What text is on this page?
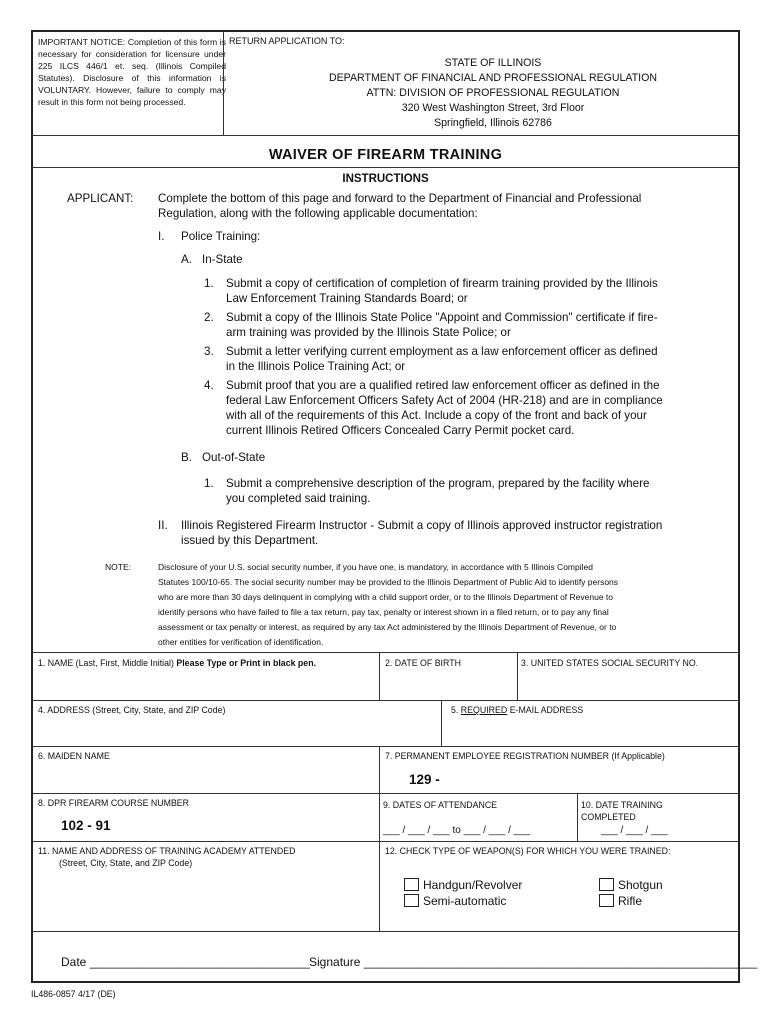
IMPORTANT NOTICE: Completion of this form is necessary for consideration for licensure under 225 ILCS 446/1 et. seq. (Illinois Compiled Statutes). Disclosure of this information is VOLUNTARY. However, failure to comply may result in this form not being processed.
RETURN APPLICATION TO:
STATE OF ILLINOIS
DEPARTMENT OF FINANCIAL AND PROFESSIONAL REGULATION
ATTN: DIVISION OF PROFESSIONAL REGULATION
320 West Washington Street, 3rd Floor
Springfield, Illinois 62786
WAIVER OF FIREARM TRAINING
INSTRUCTIONS
APPLICANT: Complete the bottom of this page and forward to the Department of Financial and Professional
Regulation, along with the following applicable documentation:
I. Police Training:
A. In-State
1. Submit a copy of certification of completion of firearm training provided by the Illinois
Law Enforcement Training Standards Board; or
2. Submit a copy of the Illinois State Police "Appoint and Commission" certificate if fire-
arm training was provided by the Illinois State Police; or
3. Submit a letter verifying current employment as a law enforcement officer as defined
in the Illinois Police Training Act; or
4. Submit proof that you are a qualified retired law enforcement officer as defined in the
federal Law Enforcement Officers Safety Act of 2004 (HR-218) and are in compliance
with all of the requirements of this Act. Include a copy of the front and back of your
current Illinois Retired Officers Concealed Carry Permit pocket card.
B. Out-of-State
1. Submit a comprehensive description of the program, prepared by the facility where
you completed said training.
II. Illinois Registered Firearm Instructor - Submit a copy of Illinois approved instructor registration
issued by this Department.
NOTE:	Disclosure of your U.S. social security number, if you have one, is mandatory, in accordance with 5 Illinois Compiled
Statutes 100/10-65. The social security number may be provided to the Illinois Department of Public Aid to identify persons
who are more than 30 days delinquent in complying with a child support order, or to the Illinois Department of Revenue to
identify persons who have failed to file a tax return, pay tax, penalty or interest shown in a filed return, or to pay any final
assessment or tax penalty or interest, as required by any tax Act administered by the Illinois Department of Revenue, or to
other entities for verification of identification.
1. NAME (Last, First, Middle Initial) Please Type or Print in black pen.	2. DATE OF BIRTH	3. UNITED STATES SOCIAL SECURITY NO.
4. ADDRESS (Street, City, State, and ZIP Code)	5. REQUIRED E-MAIL ADDRESS
6. MAIDEN NAME	7. PERMANENT EMPLOYEE REGISTRATION NUMBER (If Applicable)
129 -
8. DPR FIREARM COURSE NUMBER
102 - 91
9. DATES OF ATTENDANCE
___ / ___ / ___ to ___ / ___ / ___
10. DATE TRAINING
COMPLETED
___ / ___ / ___
11. NAME AND ADDRESS OF TRAINING ACADEMY ATTENDED
(Street, City, State, and ZIP Code)
12. CHECK TYPE OF WEAPON(S) FOR WHICH YOU WERE TRAINED:
Handgun/Revolver
Semi-automatic
Shotgun
Rifle
Date _________________________________ Signature ___________________________________________________________
IL486-0857 4/17 (DE)
